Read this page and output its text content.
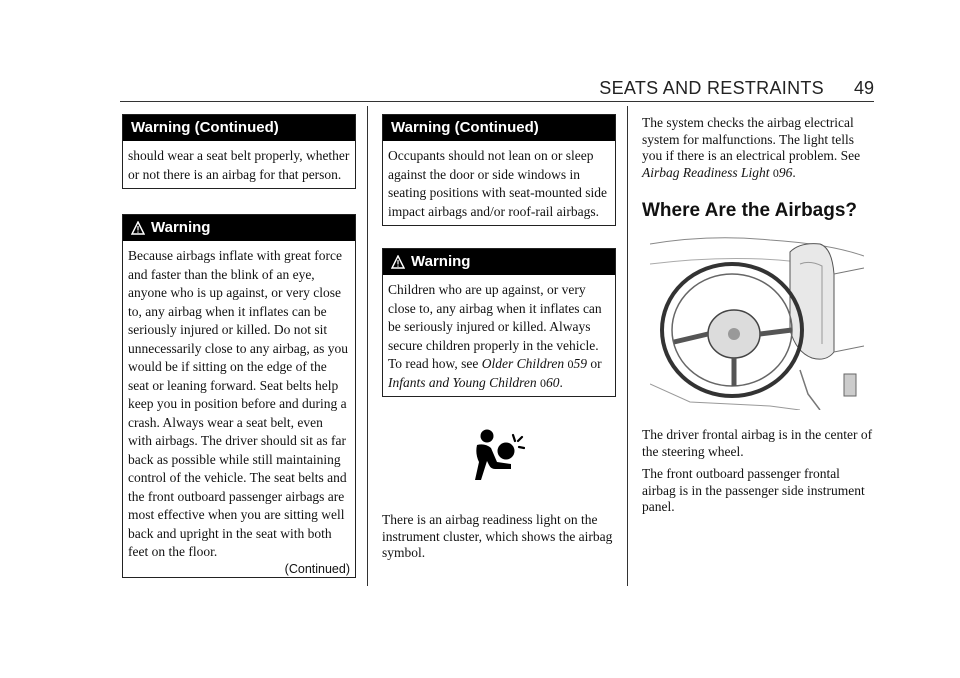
SEATS AND RESTRAINTS 49
Warning (Continued)

should wear a seat belt properly, whether or not there is an airbag for that person.

Warning

Because airbags inflate with great force and faster than the blink of an eye, anyone who is up against, or very close to, any airbag when it inflates can be seriously injured or killed. Do not sit unnecessarily close to any airbag, as you would be if sitting on the edge of the seat or leaning forward. Seat belts help keep you in position before and during a crash. Always wear a seat belt, even with airbags. The driver should sit as far back as possible while still maintaining control of the vehicle. The seat belts and the front outboard passenger airbags are most effective when you are sitting well back and upright in the seat with both feet on the floor.

(Continued)
Warning (Continued)

Occupants should not lean on or sleep against the door or side windows in seating positions with seat-mounted side impact airbags and/or roof-rail airbags.

Warning

Children who are up against, or very close to, any airbag when it inflates can be seriously injured or killed. Always secure children properly in the vehicle. To read how, see Older Children 059 or
Infants and Young Children 060.

There is an airbag readiness light on the instrument cluster, which shows the airbag symbol.

The system checks the airbag electrical system for malfunctions. The light tells you if there is an electrical problem. See Airbag Readiness Light 096.

Where Are the Airbags?

The driver frontal airbag is in the center of the steering wheel.

The front outboard passenger frontal airbag is in the passenger side instrument panel.
